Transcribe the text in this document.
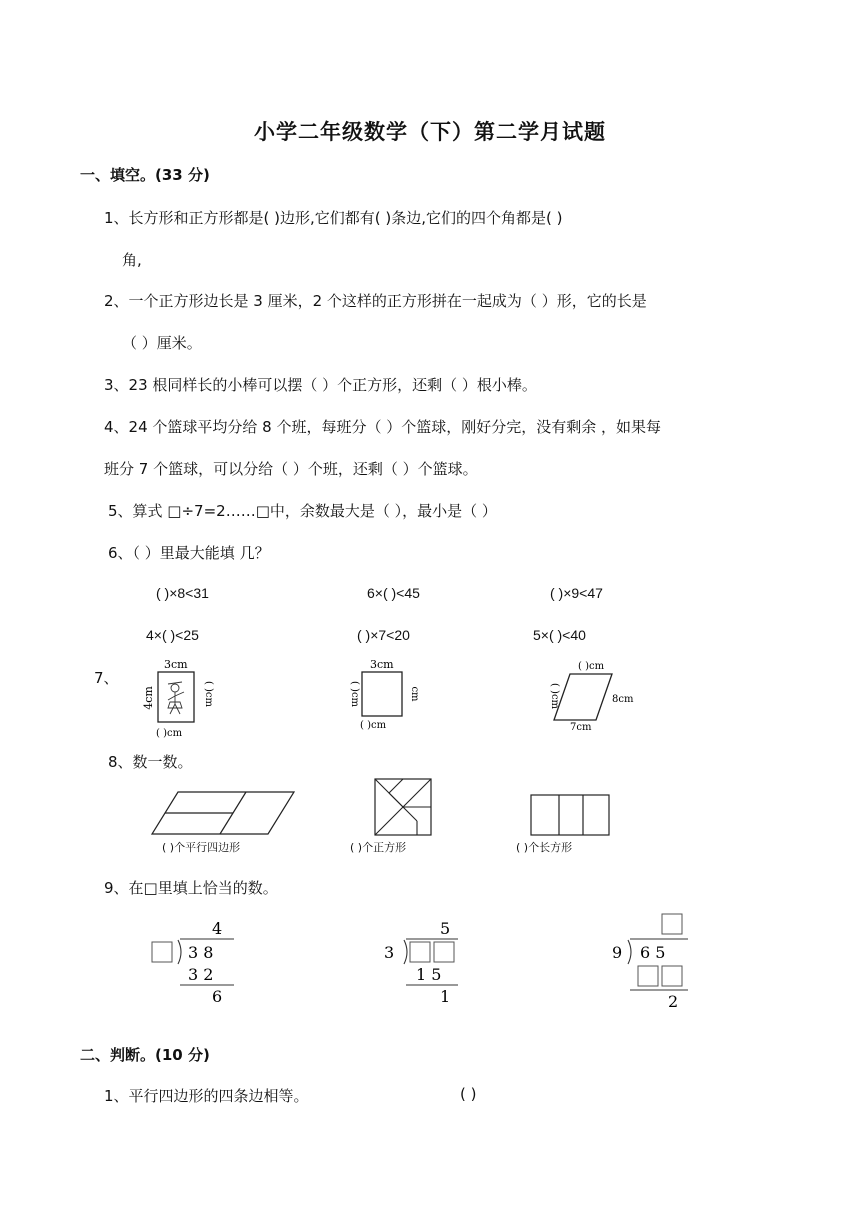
小学二年级数学（下）第二学月试题
一、填空。(33 分)
1、长方形和正方形都是( )边形,它们都有( )条边,它们的四个角都是( )
角,
2、一个正方形边长是 3 厘米，2 个这样的正方形拼在一起成为（ ）形，它的长是
（ ）厘米。
3、23 根同样长的小棒可以摆（ ）个正方形，还剩（ ）根小棒。
4、24 个篮球平均分给 8 个班，每班分（ ）个篮球，刚好分完，没有剩余 ，如果每
班分 7 个篮球，可以分给（ ）个班，还剩（ ）个篮球。
5、算式 □÷7=2……□中，余数最大是（ ），最小是（ ）
6、（ ）里最大能填 几？
( )×8<31	6×( )<45	( )×9<47
4×( )<25	( )×7<20	5×( )<40
7、
3cm
4cm	( )cm
( )cm
3cm
( )cm	cm
( )cm
( )cm
( )cm	8cm
7cm
8、数一数。
( )个平行四边形	( )个正方形	( )个长方形
9、在□里填上恰当的数。
4
3 8
3 2
6
5
3
1 5
1
9 6 5
2
二、判断。(10 分)
1、平行四边形的四条边相等。	( )
